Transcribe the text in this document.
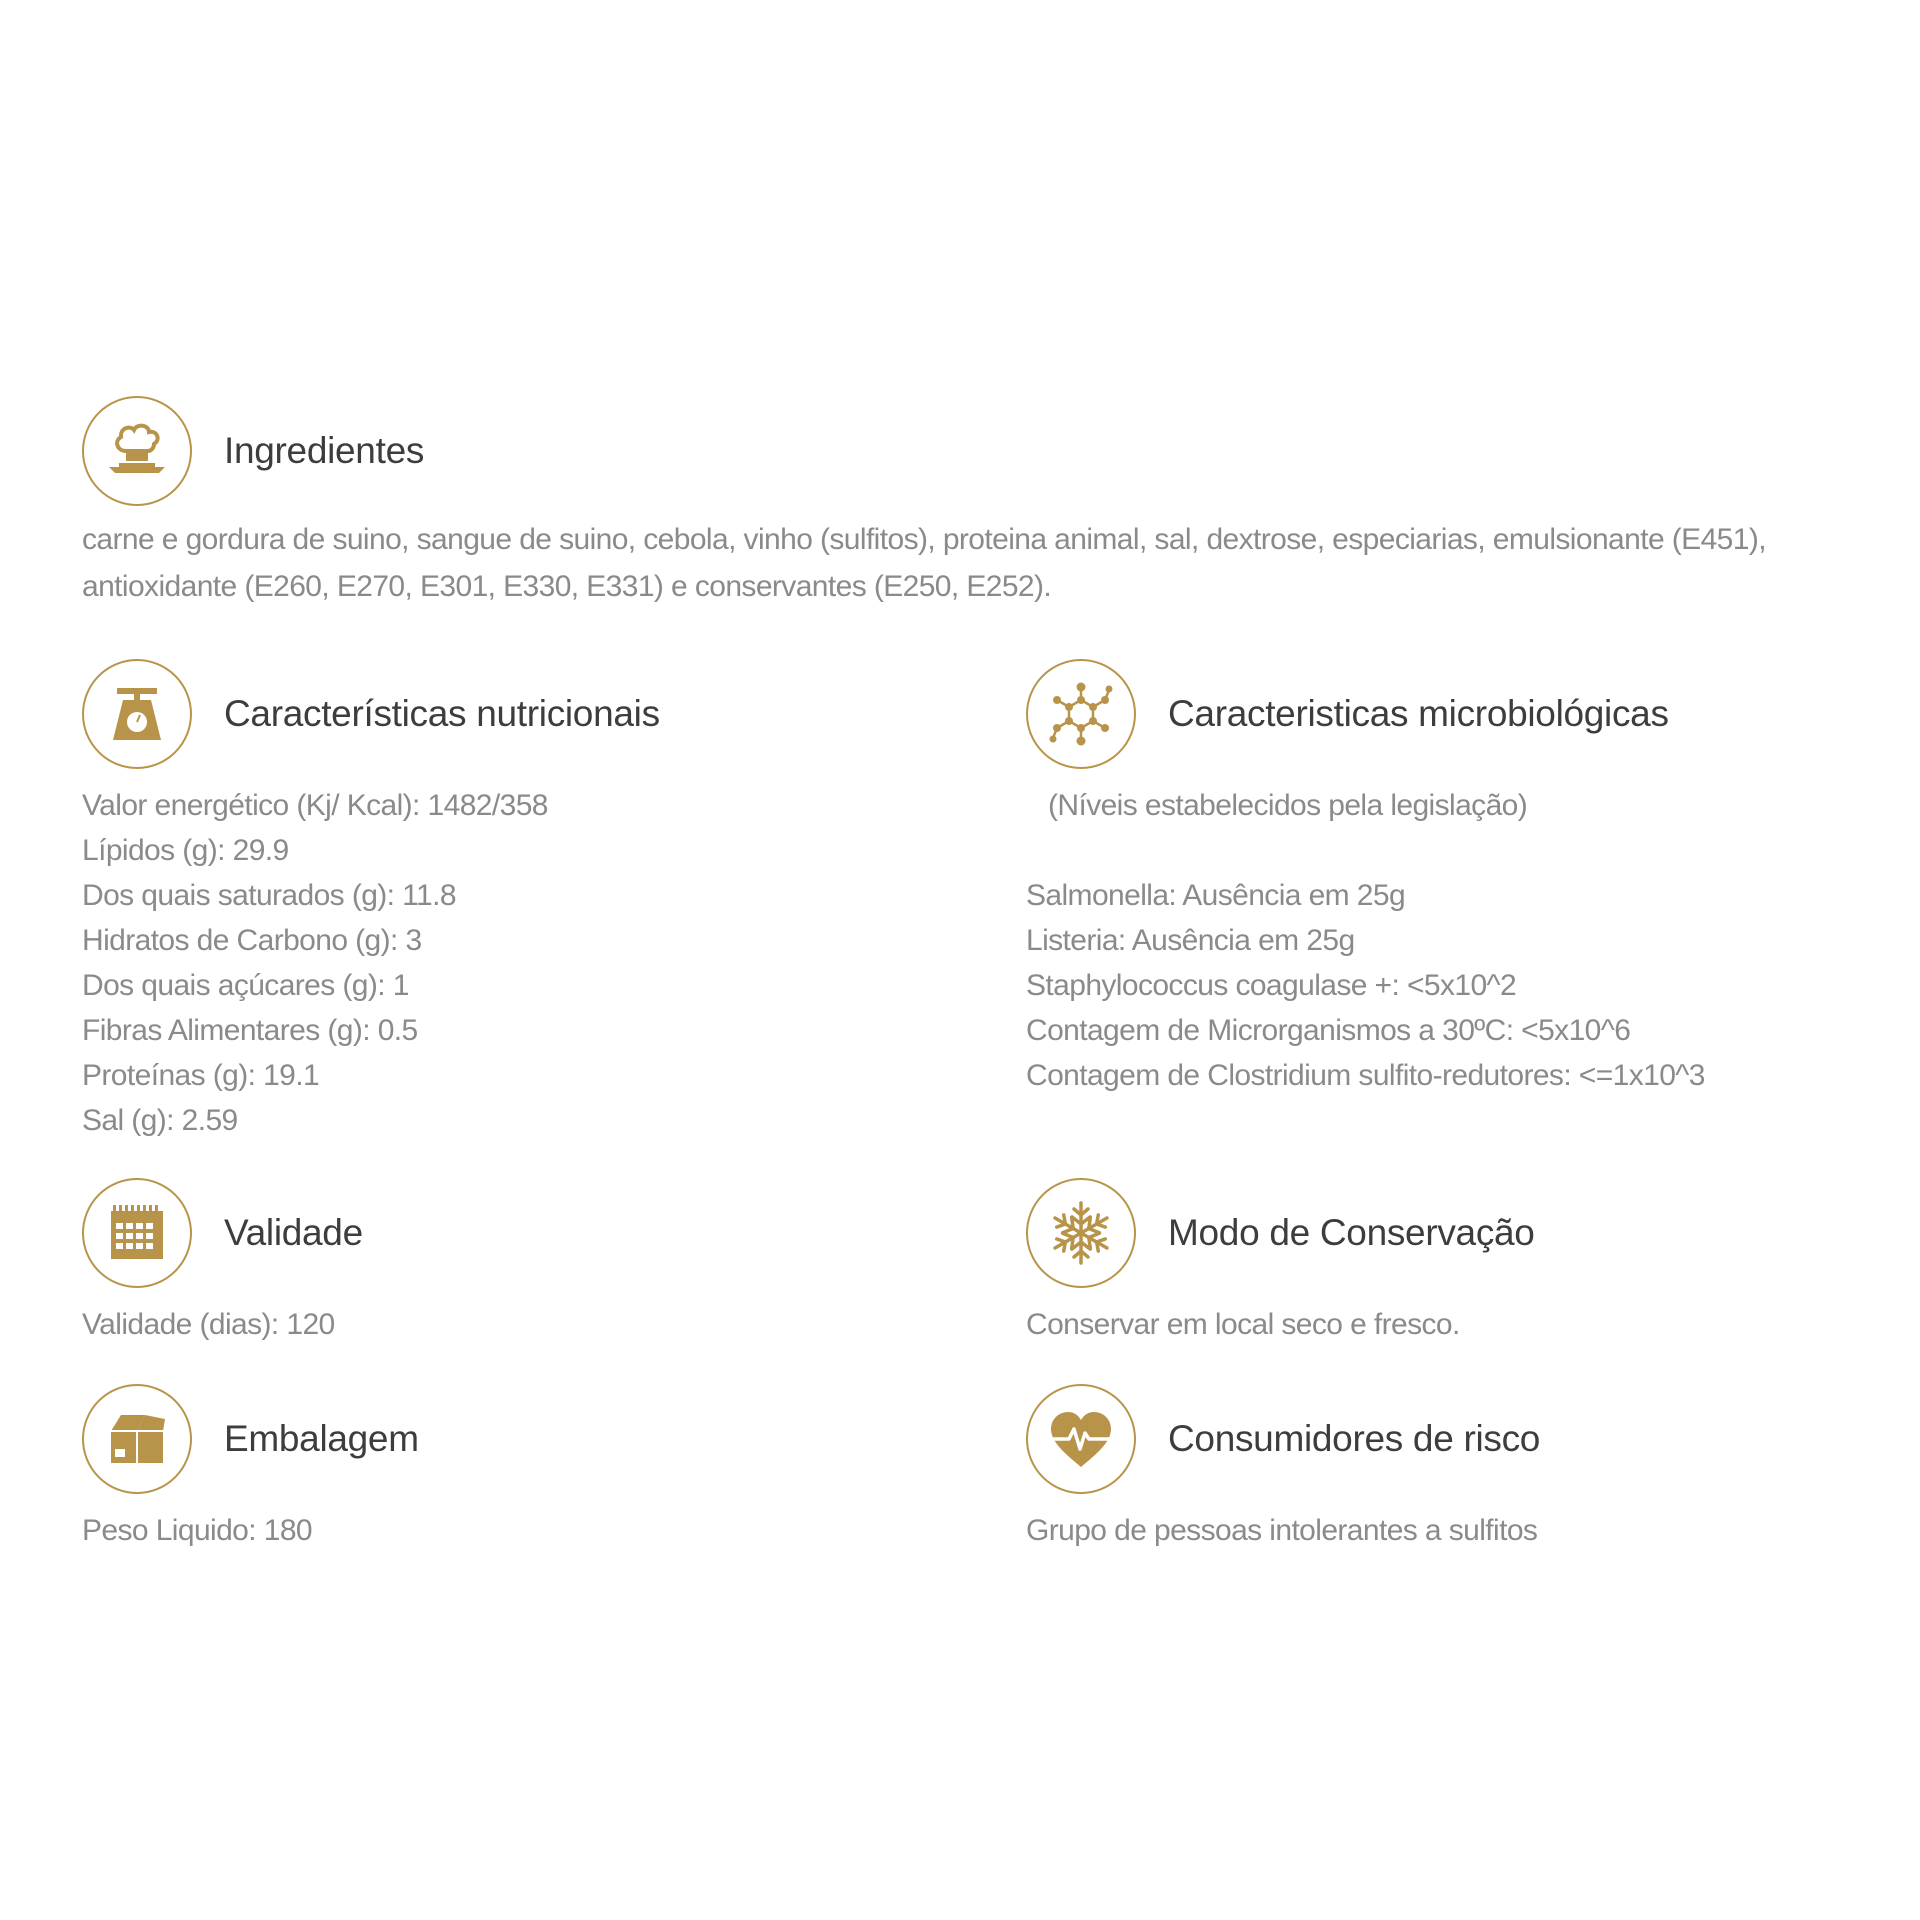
Ingredientes
carne e gordura de suino, sangue de suino, cebola, vinho (sulfitos), proteina animal, sal, dextrose, especiarias, emulsionante (E451), antioxidante (E260, E270, E301, E330, E331) e conservantes (E250, E252).
Características nutricionais
Valor energético (Kj/ Kcal): 1482/358
Lípidos (g): 29.9
Dos quais saturados (g): 11.8
Hidratos de Carbono (g): 3
Dos quais açúcares (g): 1
Fibras Alimentares (g): 0.5
Proteínas (g): 19.1
Sal (g): 2.59
Caracteristicas microbiológicas
(Níveis estabelecidos pela legislação)
Salmonella: Ausência em 25g
Listeria: Ausência em 25g
Staphylococcus coagulase +: <5x10^2
Contagem de Microrganismos a 30ºC: <5x10^6
Contagem de Clostridium sulfito-redutores: <=1x10^3
Validade
Validade (dias): 120
Modo de Conservação
Conservar em local seco e fresco.
Embalagem
Peso Liquido: 180
Consumidores de risco
Grupo de pessoas intolerantes a sulfitos
